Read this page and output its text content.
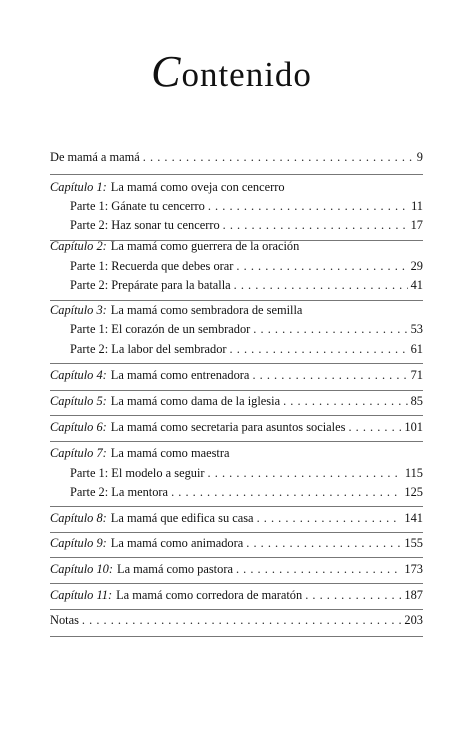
Contenido
De mamá a mamá . . .	9
Capítulo 1: La mamá como oveja con cencerro
Parte 1: Gánate tu cencerro . . .	11
Parte 2: Haz sonar tu cencerro . . .	17
Capítulo 2: La mamá como guerrera de la oración
Parte 1: Recuerda que debes orar . . .	29
Parte 2: Prepárate para la batalla . . .	41
Capítulo 3: La mamá como sembradora de semilla
Parte 1: El corazón de un sembrador . . .	53
Parte 2: La labor del sembrador . . .	61
Capítulo 4: La mamá como entrenadora . . .	71
Capítulo 5: La mamá como dama de la iglesia . . .	85
Capítulo 6: La mamá como secretaria para asuntos sociales . . .	101
Capítulo 7: La mamá como maestra
Parte 1: El modelo a seguir . . .	115
Parte 2: La mentora . . .	125
Capítulo 8: La mamá que edifica su casa . . .	141
Capítulo 9: La mamá como animadora . . .	155
Capítulo 10: La mamá como pastora . . .	173
Capítulo 11: La mamá como corredora de maratón . . .	187
Notas . . .	203
